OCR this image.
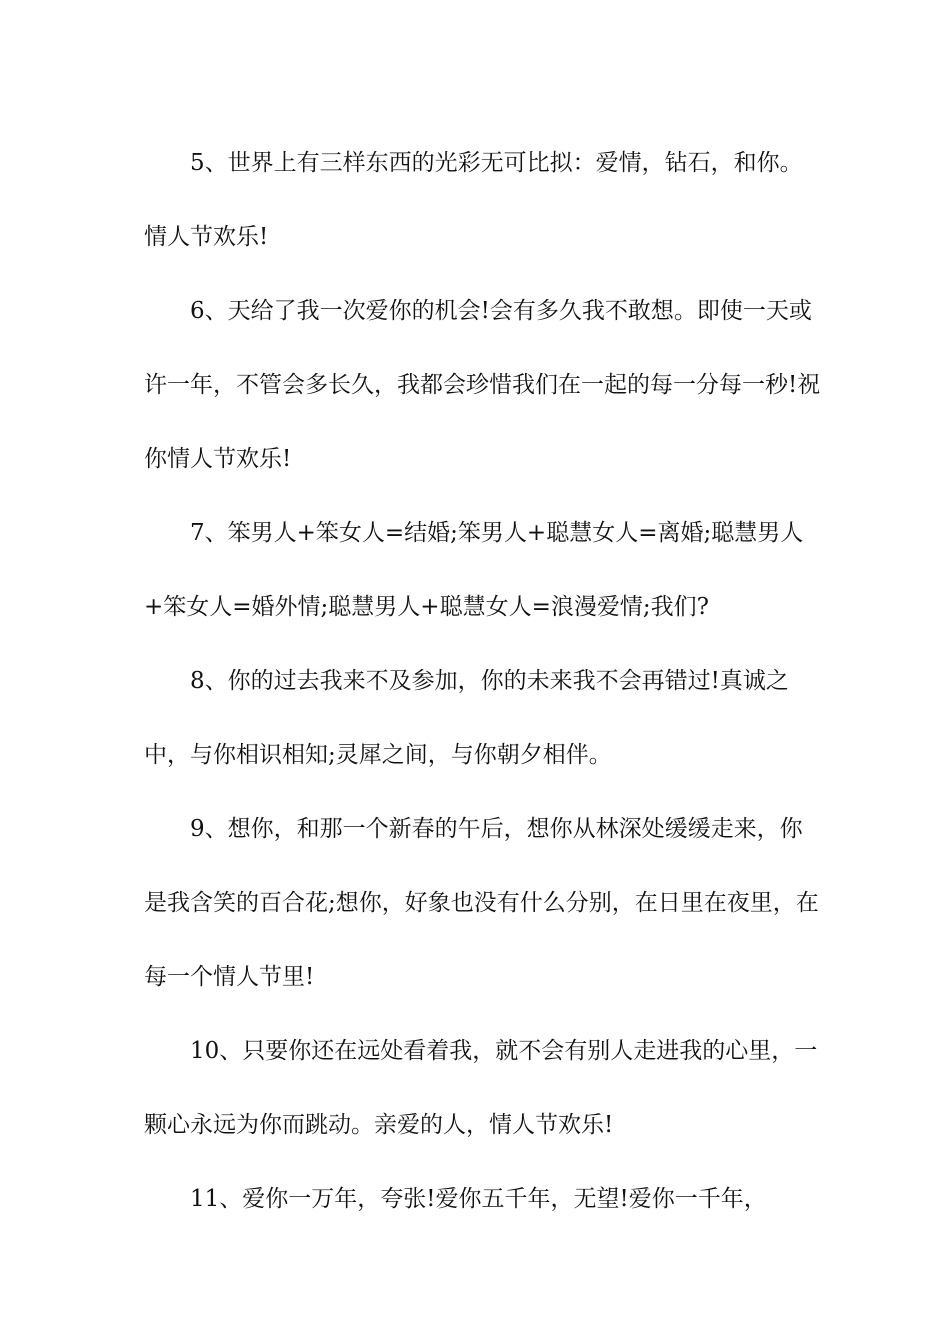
5、世界上有三样东西的光彩无可比拟：爱情，钻石，和你。情人节欢乐!

6、天给了我一次爱你的机会!会有多久我不敢想。即使一天或许一年，不管会多长久，我都会珍惜我们在一起的每一分每一秒!祝你情人节欢乐!

7、笨男人+笨女人=结婚;笨男人+聪慧女人=离婚;聪慧男人+笨女人=婚外情;聪慧男人+聪慧女人=浪漫爱情;我们?

8、你的过去我来不及参加，你的未来我不会再错过!真诚之中，与你相识相知;灵犀之间，与你朝夕相伴。

9、想你，和那一个新春的午后，想你从林深处缓缓走来，你是我含笑的百合花;想你，好象也没有什么分别，在日里在夜里，在每一个情人节里!

10、只要你还在远处看着我，就不会有别人走进我的心里，一颗心永远为你而跳动。亲爱的人，情人节欢乐!

11、爱你一万年，夸张!爱你五千年，无望!爱你一千年，
